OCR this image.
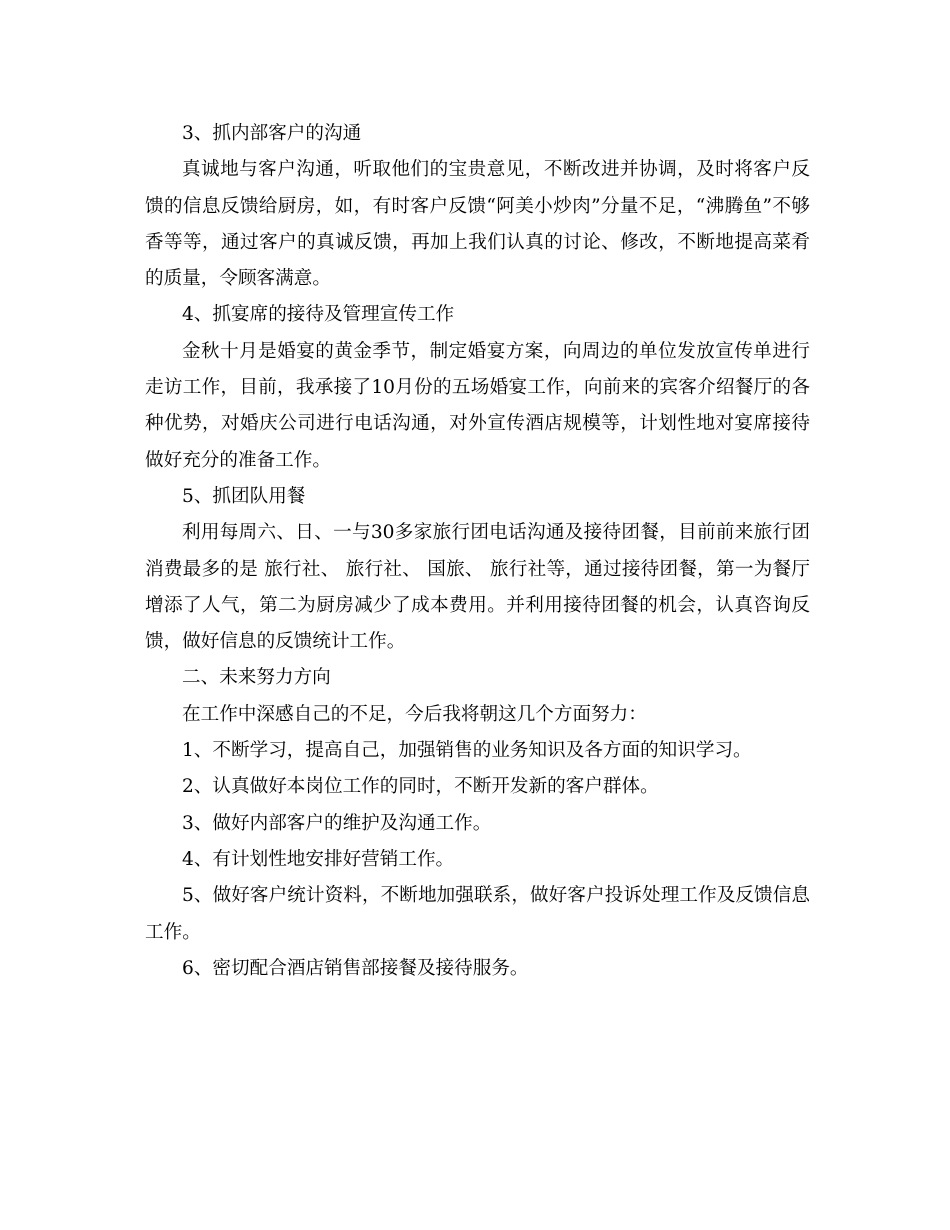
3、抓内部客户的沟通

真诚地与客户沟通，听取他们的宝贵意见，不断改进并协调，及时将客户反馈的信息反馈给厨房，如，有时客户反馈“阿美小炒肉”分量不足，“沸腾鱼”不够香等等，通过客户的真诚反馈，再加上我们认真的讨论、修改，不断地提高菜肴的质量，令顾客满意。

4、抓宴席的接待及管理宣传工作

金秋十月是婚宴的黄金季节，制定婚宴方案，向周边的单位发放宣传单进行走访工作，目前，我承接了10月份的五场婚宴工作，向前来的宾客介绍餐厅的各种优势，对婚庆公司进行电话沟通，对外宣传酒店规模等，计划性地对宴席接待做好充分的准备工作。

5、抓团队用餐

利用每周六、日、一与30多家旅行团电话沟通及接待团餐，目前前来旅行团消费最多的是 旅行社、 旅行社、 国旅、 旅行社等，通过接待团餐，第一为餐厅增添了人气，第二为厨房减少了成本费用。并利用接待团餐的机会，认真咨询反馈，做好信息的反馈统计工作。

二、未来努力方向

在工作中深感自己的不足，今后我将朝这几个方面努力：

1、不断学习，提高自己，加强销售的业务知识及各方面的知识学习。

2、认真做好本岗位工作的同时，不断开发新的客户群体。

3、做好内部客户的维护及沟通工作。

4、有计划性地安排好营销工作。

5、做好客户统计资料，不断地加强联系，做好客户投诉处理工作及反馈信息工作。

6、密切配合酒店销售部接餐及接待服务。
